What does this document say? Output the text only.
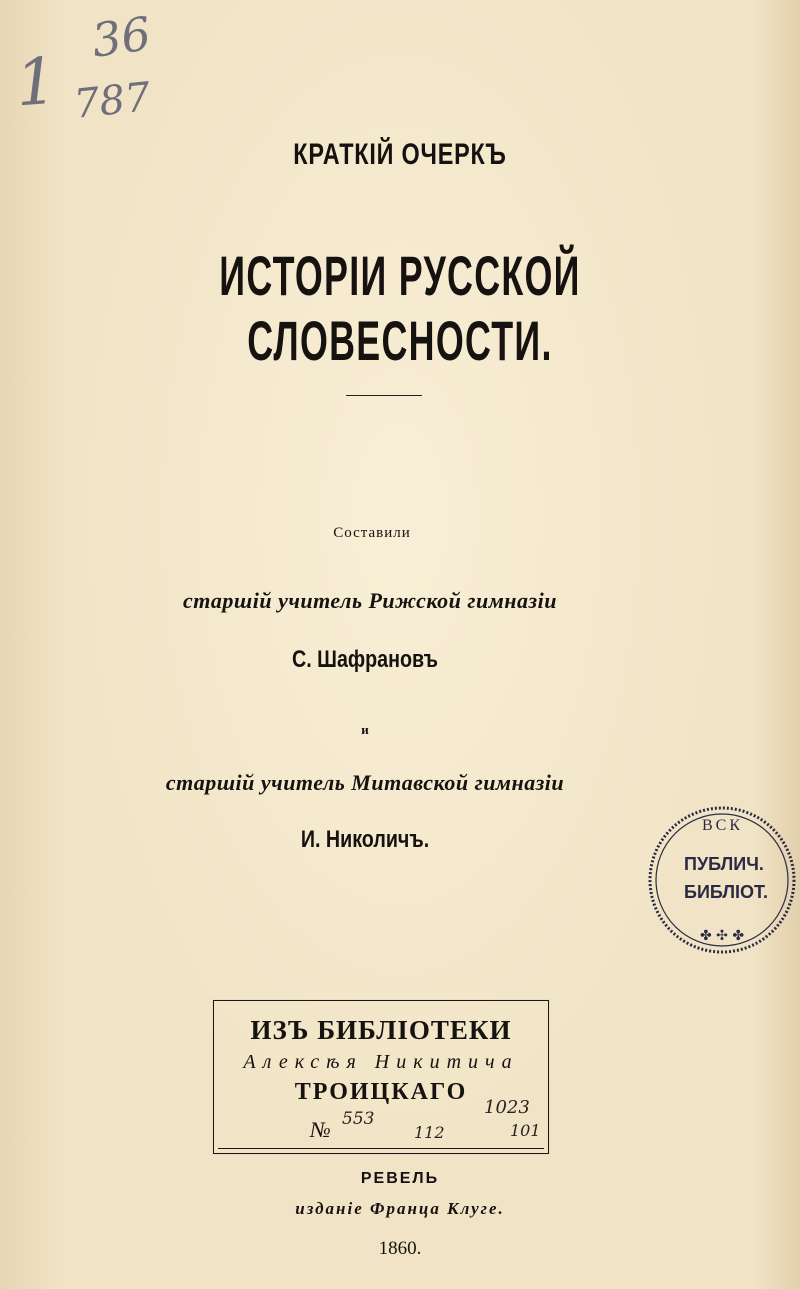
36
787
1
КРАТКІЙ ОЧЕРКЪ
ИСТОРІИ РУССКОЙ СЛОВЕСНОСТИ.
Составили
старшій учитель Рижской гимназіи
С. Шафрановъ
и
старшій учитель Митавской гимназіи
И. Николичъ.
ВСК
ПУБЛИЧ.
БИБЛІОТ.
✤ ✣ ✤
ИЗЪ БИБЛІОТЕКИ
Алексѣя Никитича
ТРОИЦКАГО
№ 553
112
1023
101
РЕВЕЛЬ
изданіе Франца Клуге.
1860.
